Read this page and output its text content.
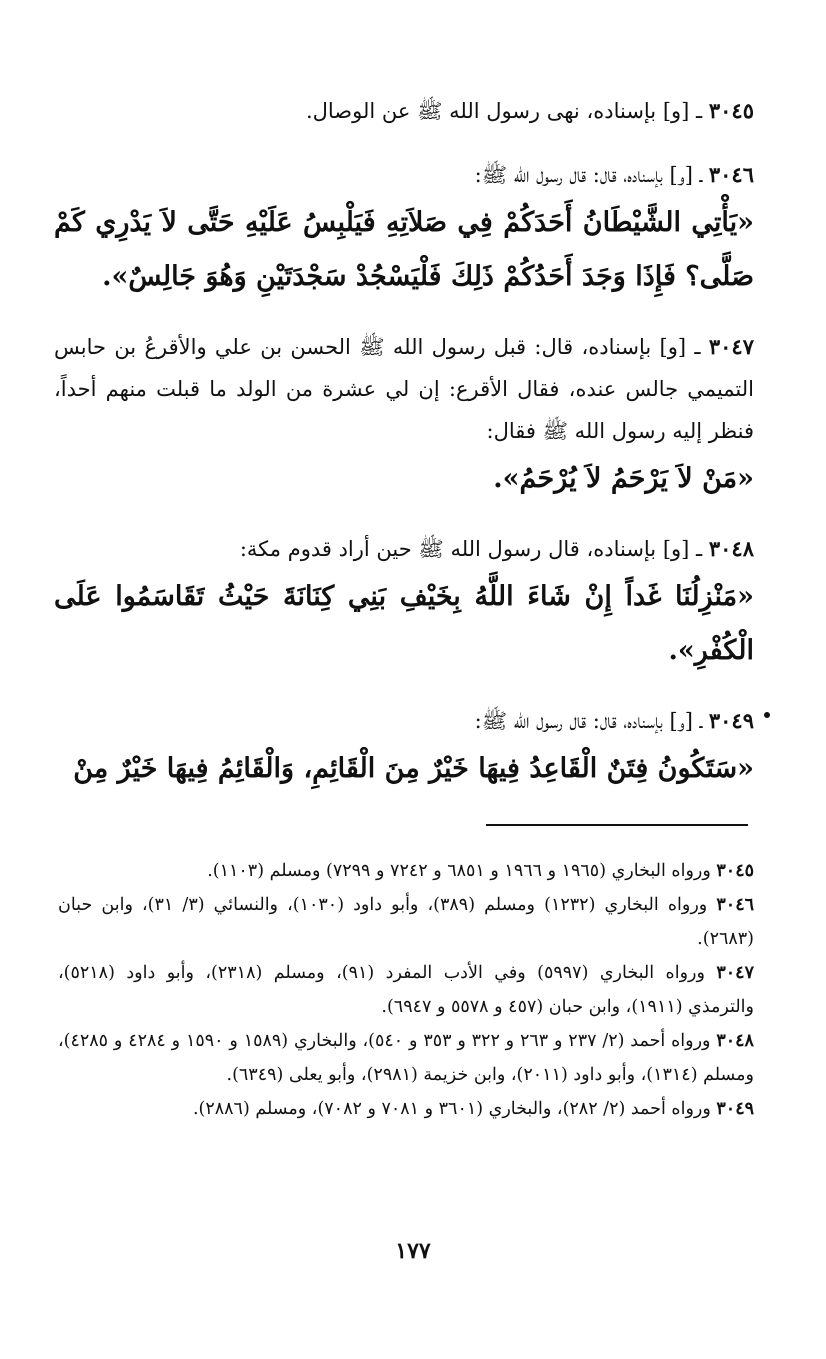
٣٠٤٥ ـ [و] بإسناده، نهى رسول الله ﷺ عن الوصال.
٣٠٤٦ ـ [و] بإسناده، قال: قال رسول الله ﷺ:
«يَأْتِي الشَّيْطَانُ أَحَدَكُمْ فِي صَلاَتِهِ فَيَلْبِسُ عَلَيْهِ حَتَّى لاَ يَدْرِي كَمْ صَلَّى؟ فَإِذَا وَجَدَ أَحَدُكُمْ ذَلِكَ فَلْيَسْجُدْ سَجْدَتَيْنِ وَهُوَ جَالِسٌ».
٣٠٤٧ ـ [و] بإسناده، قال: قبل رسول الله ﷺ الحسن بن علي والأقرعُ بن حابس التميمي جالس عنده، فقال الأقرع: إن لي عشرة من الولد ما قبلت منهم أحداً، فنظر إليه رسول الله ﷺ فقال:
«مَنْ لاَ يَرْحَمُ لاَ يُرْحَمُ».
٣٠٤٨ ـ [و] بإسناده، قال رسول الله ﷺ حين أراد قدوم مكة:
«مَنْزِلُنَا غَداً إِنْ شَاءَ اللَّهُ بِخَيْفِ بَنِي كِنَانَةَ حَيْثُ تَقَاسَمُوا عَلَى الْكُفْرِ».
٣٠٤٩ ـ [و] بإسناده، قال: قال رسول الله ﷺ:
«سَتَكُونُ فِتَنٌ الْقَاعِدُ فِيهَا خَيْرٌ مِنَ الْقَائِمِ، وَالْقَائِمُ فِيهَا خَيْرٌ مِنْ
٣٠٤٥ ورواه البخاري (١٩٦٥ و ١٩٦٦ و ٦٨٥١ و ٧٢٤٢ و ٧٢٩٩) ومسلم (١١٠٣).
٣٠٤٦ ورواه البخاري (١٢٣٢) ومسلم (٣٨٩)، وأبو داود (١٠٣٠)، والنسائي (٣/ ٣١)، وابن حبان (٢٦٨٣).
٣٠٤٧ ورواه البخاري (٥٩٩٧) وفي الأدب المفرد (٩١)، ومسلم (٢٣١٨)، وأبو داود (٥٢١٨)، والترمذي (١٩١١)، وابن حبان (٤٥٧ و ٥٥٧٨ و ٦٩٤٧).
٣٠٤٨ ورواه أحمد (٢/ ٢٣٧ و ٢٦٣ و ٣٢٢ و ٣٥٣ و ٥٤٠)، والبخاري (١٥٨٩ و ١٥٩٠ و ٤٢٨٤ و ٤٢٨٥)، ومسلم (١٣١٤)، وأبو داود (٢٠١١)، وابن خزيمة (٢٩٨١)، وأبو يعلى (٦٣٤٩).
٣٠٤٩ ورواه أحمد (٢/ ٢٨٢)، والبخاري (٣٦٠١ و ٧٠٨١ و ٧٠٨٢)، ومسلم (٢٨٨٦).
١٧٧
